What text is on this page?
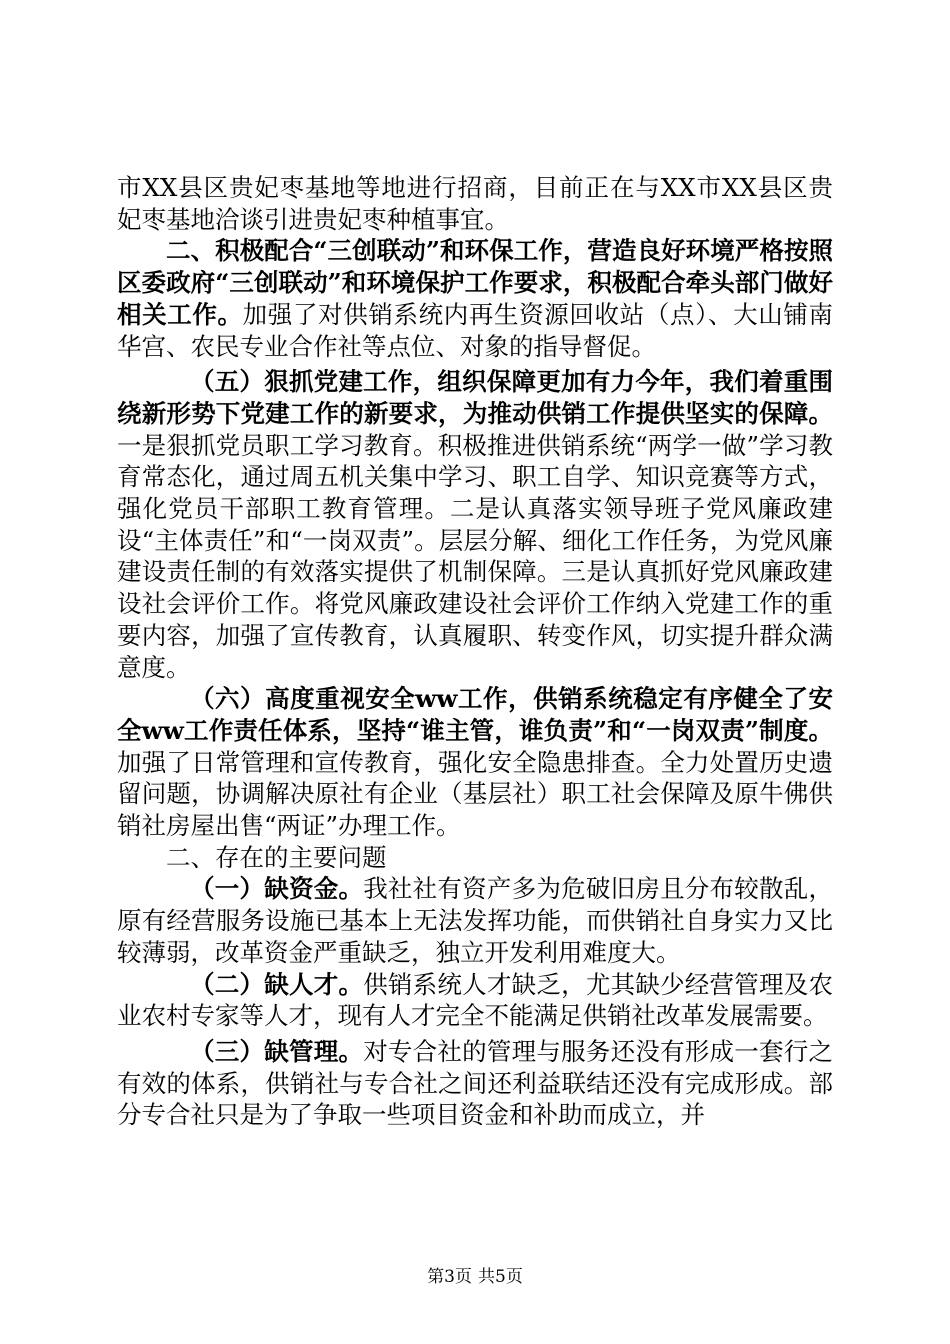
市XX县区贵妃枣基地等地进行招商，目前正在与XX市XX县区贵妃枣基地洽谈引进贵妃枣种植事宜。

二、积极配合“三创联动”和环保工作，营造良好环境严格按照区委政府“三创联动”和环境保护工作要求，积极配合牵头部门做好相关工作。加强了对供销系统内再生资源回收站（点）、大山铺南华宫、农民专业合作社等点位、对象的指导督促。

（五）狠抓党建工作，组织保障更加有力今年，我们着重围绕新形势下党建工作的新要求，为推动供销工作提供坚实的保障。一是狠抓党员职工学习教育。积极推进供销系统“两学一做”学习教育常态化，通过周五机关集中学习、职工自学、知识竞赛等方式，强化党员干部职工教育管理。二是认真落实领导班子党风廉政建设“主体责任”和“一岗双责”。层层分解、细化工作任务，为党风廉建设责任制的有效落实提供了机制保障。三是认真抓好党风廉政建设社会评价工作。将党风廉政建设社会评价工作纳入党建工作的重要内容，加强了宣传教育，认真履职、转变作风，切实提升群众满意度。

（六）高度重视安全ww工作，供销系统稳定有序健全了安全ww工作责任体系，坚持“谁主管，谁负责”和“一岗双责”制度。加强了日常管理和宣传教育，强化安全隐患排查。全力处置历史遗留问题，协调解决原社有企业（基层社）职工社会保障及原牛佛供销社房屋出售“两证”办理工作。

二、存在的主要问题

（一）缺资金。我社社有资产多为危破旧房且分布较散乱，原有经营服务设施已基本上无法发挥功能，而供销社自身实力又比较薄弱，改革资金严重缺乏，独立开发利用难度大。

（二）缺人才。供销系统人才缺乏，尤其缺少经营管理及农业农村专家等人才，现有人才完全不能满足供销社改革发展需要。

（三）缺管理。对专合社的管理与服务还没有形成一套行之有效的体系，供销社与专合社之间还利益联结还没有完成形成。部分专合社只是为了争取一些项目资金和补助而成立，并

第3页 共5页
